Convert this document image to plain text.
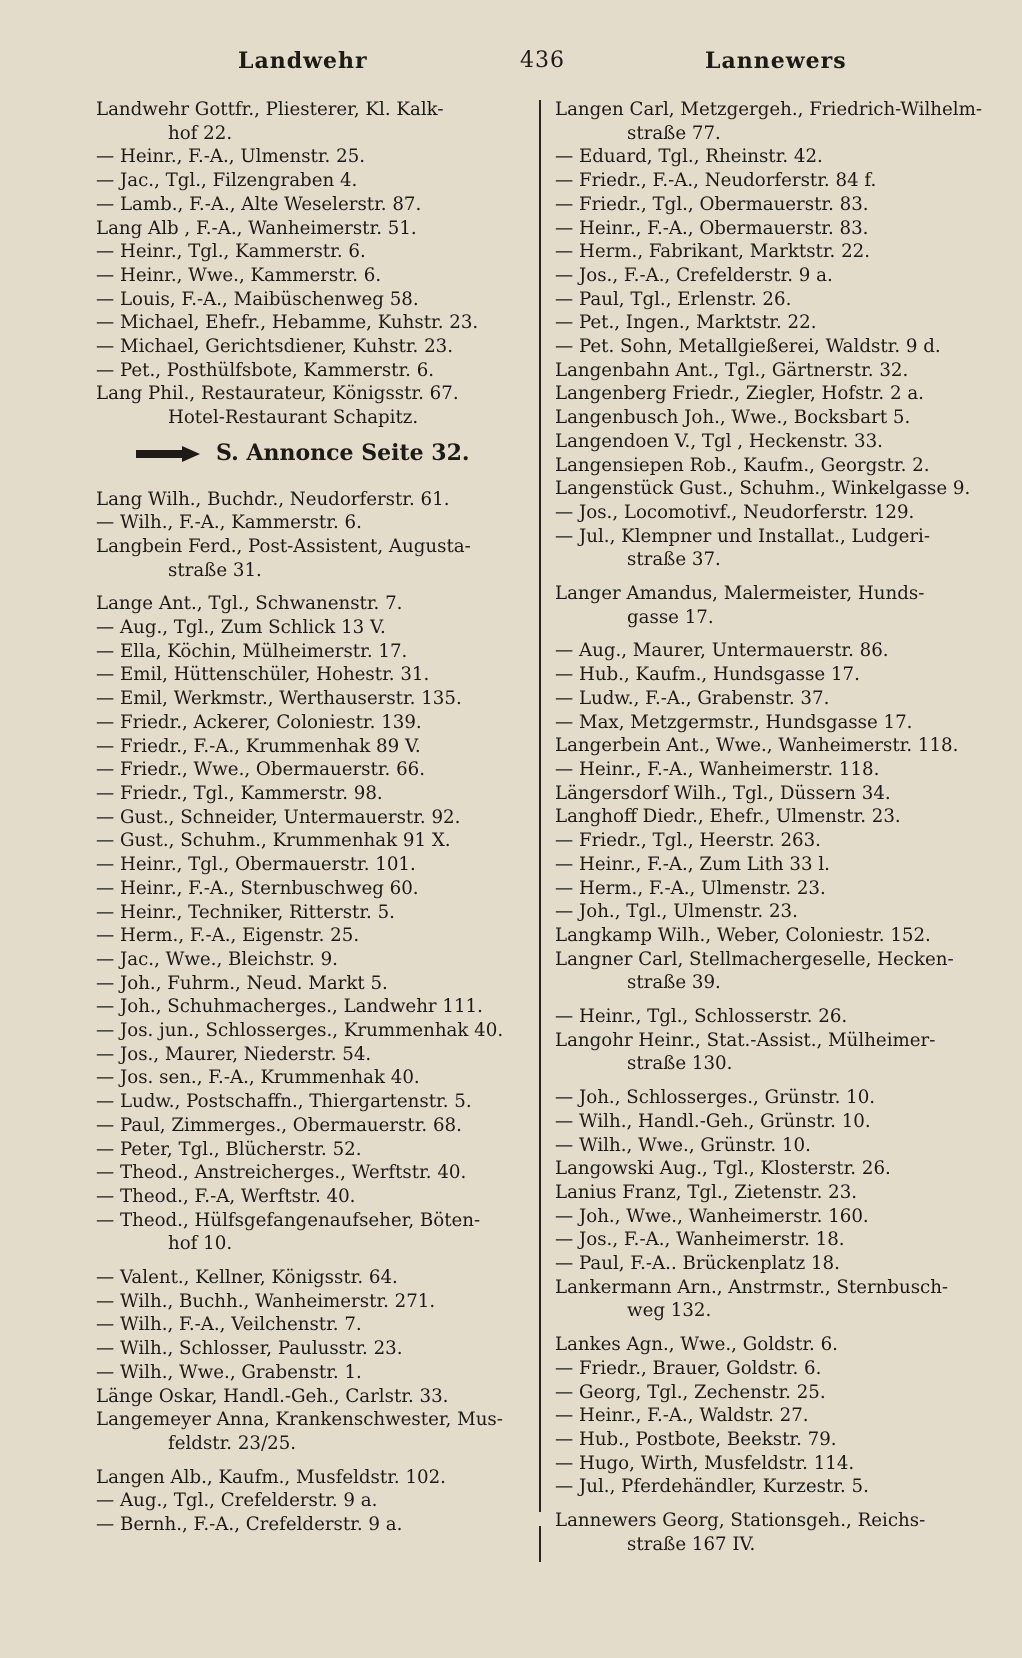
Landwehr	436	Lannewers
Landwehr Gottfr., Pliesterer, Kl. Kalk-
hof 22.
— Heinr., F.-A., Ulmenstr. 25.
— Jac., Tgl., Filzengraben 4.
— Lamb., F.-A., Alte Weselerstr. 87.
Lang Alb , F.-A., Wanheimerstr. 51.
— Heinr., Tgl., Kammerstr. 6.
— Heinr., Wwe., Kammerstr. 6.
— Louis, F.-A., Maibüschenweg 58.
— Michael, Ehefr., Hebamme, Kuhstr. 23.
— Michael, Gerichtsdiener, Kuhstr. 23.
— Pet., Posthülfsbote, Kammerstr. 6.
Lang Phil., Restaurateur, Königsstr. 67.
Hotel-Restaurant Schapitz.
S. Annonce Seite 32.
Lang Wilh., Buchdr., Neudorferstr. 61.
— Wilh., F.-A., Kammerstr. 6.
Langbein Ferd., Post-Assistent, Augusta-
straße 31.
Lange Ant., Tgl., Schwanenstr. 7.
— Aug., Tgl., Zum Schlick 13 V.
— Ella, Köchin, Mülheimerstr. 17.
— Emil, Hüttenschüler, Hohestr. 31.
— Emil, Werkmstr., Werthauserstr. 135.
— Friedr., Ackerer, Coloniestr. 139.
— Friedr., F.-A., Krummenhak 89 V.
— Friedr., Wwe., Obermauerstr. 66.
— Friedr., Tgl., Kammerstr. 98.
— Gust., Schneider, Untermauerstr. 92.
— Gust., Schuhm., Krummenhak 91 X.
— Heinr., Tgl., Obermauerstr. 101.
— Heinr., F.-A., Sternbuschweg 60.
— Heinr., Techniker, Ritterstr. 5.
— Herm., F.-A., Eigenstr. 25.
— Jac., Wwe., Bleichstr. 9.
— Joh., Fuhrm., Neud. Markt 5.
— Joh., Schuhmacherges., Landwehr 111.
— Jos. jun., Schlosserges., Krummenhak 40.
— Jos., Maurer, Niederstr. 54.
— Jos. sen., F.-A., Krummenhak 40.
— Ludw., Postschaffn., Thiergartenstr. 5.
— Paul, Zimmerges., Obermauerstr. 68.
— Peter, Tgl., Blücherstr. 52.
— Theod., Anstreicherges., Werftstr. 40.
— Theod., F.-A, Werftstr. 40.
— Theod., Hülfsgefangenaufseher, Böten-
hof 10.
— Valent., Kellner, Königsstr. 64.
— Wilh., Buchh., Wanheimerstr. 271.
— Wilh., F.-A., Veilchenstr. 7.
— Wilh., Schlosser, Paulusstr. 23.
— Wilh., Wwe., Grabenstr. 1.
Länge Oskar, Handl.-Geh., Carlstr. 33.
Langemeyer Anna, Krankenschwester, Mus-
feldstr. 23/25.
Langen Alb., Kaufm., Musfeldstr. 102.
— Aug., Tgl., Crefelderstr. 9 a.
— Bernh., F.-A., Crefelderstr. 9 a.
Langen Carl, Metzgergeh., Friedrich-Wilhelm-
straße 77.
— Eduard, Tgl., Rheinstr. 42.
— Friedr., F.-A., Neudorferstr. 84 f.
— Friedr., Tgl., Obermauerstr. 83.
— Heinr., F.-A., Obermauerstr. 83.
— Herm., Fabrikant, Marktstr. 22.
— Jos., F.-A., Crefelderstr. 9 a.
— Paul, Tgl., Erlenstr. 26.
— Pet., Ingen., Marktstr. 22.
— Pet. Sohn, Metallgießerei, Waldstr. 9 d.
Langenbahn Ant., Tgl., Gärtnerstr. 32.
Langenberg Friedr., Ziegler, Hofstr. 2 a.
Langenbusch Joh., Wwe., Bocksbart 5.
Langendoen V., Tgl , Heckenstr. 33.
Langensiepen Rob., Kaufm., Georgstr. 2.
Langenstück Gust., Schuhm., Winkelgasse 9.
— Jos., Locomotivf., Neudorferstr. 129.
— Jul., Klempner und Installat., Ludgeri-
straße 37.
Langer Amandus, Malermeister, Hunds-
gasse 17.
— Aug., Maurer, Untermauerstr. 86.
— Hub., Kaufm., Hundsgasse 17.
— Ludw., F.-A., Grabenstr. 37.
— Max, Metzgermstr., Hundsgasse 17.
Langerbein Ant., Wwe., Wanheimerstr. 118.
— Heinr., F.-A., Wanheimerstr. 118.
Längersdorf Wilh., Tgl., Düssern 34.
Langhoff Diedr., Ehefr., Ulmenstr. 23.
— Friedr., Tgl., Heerstr. 263.
— Heinr., F.-A., Zum Lith 33 l.
— Herm., F.-A., Ulmenstr. 23.
— Joh., Tgl., Ulmenstr. 23.
Langkamp Wilh., Weber, Coloniestr. 152.
Langner Carl, Stellmachergeselle, Hecken-
straße 39.
— Heinr., Tgl., Schlosserstr. 26.
Langohr Heinr., Stat.-Assist., Mülheimer-
straße 130.
— Joh., Schlosserges., Grünstr. 10.
— Wilh., Handl.-Geh., Grünstr. 10.
— Wilh., Wwe., Grünstr. 10.
Langowski Aug., Tgl., Klosterstr. 26.
Lanius Franz, Tgl., Zietenstr. 23.
— Joh., Wwe., Wanheimerstr. 160.
— Jos., F.-A., Wanheimerstr. 18.
— Paul, F.-A.. Brückenplatz 18.
Lankermann Arn., Anstrmstr., Sternbusch-
weg 132.
Lankes Agn., Wwe., Goldstr. 6.
— Friedr., Brauer, Goldstr. 6.
— Georg, Tgl., Zechenstr. 25.
— Heinr., F.-A., Waldstr. 27.
— Hub., Postbote, Beekstr. 79.
— Hugo, Wirth, Musfeldstr. 114.
— Jul., Pferdehändler, Kurzestr. 5.
Lannewers Georg, Stationsgeh., Reichs-
straße 167 IV.
